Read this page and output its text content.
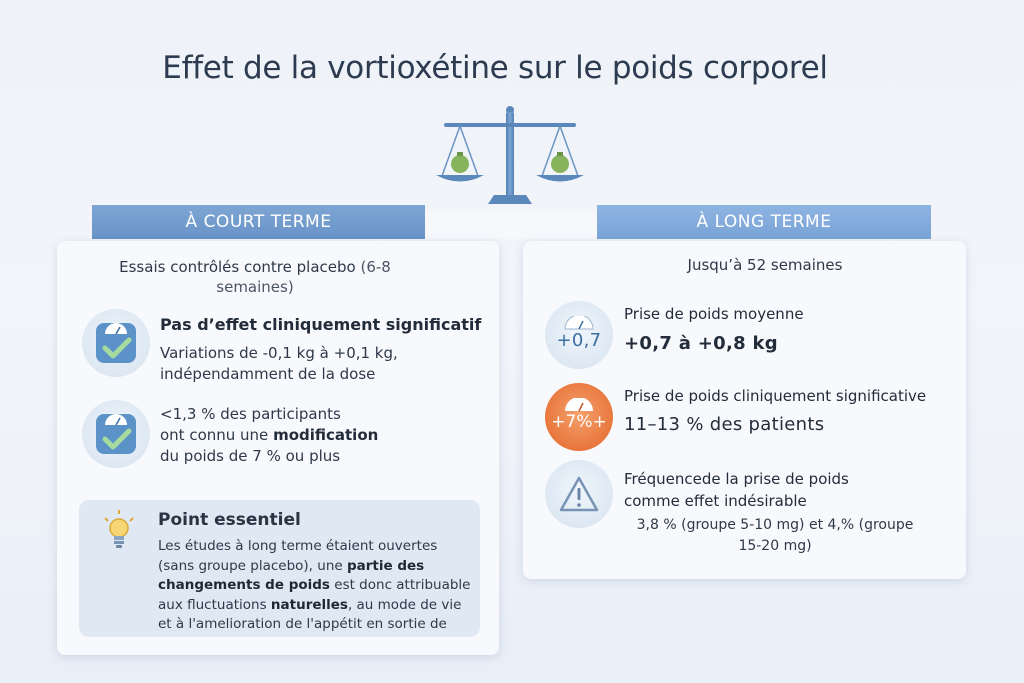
Effet de la vortioxétine sur le poids corporel
À COURT TERME	À LONG TERME
Essais contrôlés contre placebo (6-8
semaines)
Pas d’effet cliniquement significatif
Variations de -0,1 kg à +0,1 kg,
indépendamment de la dose
<1,3 % des participants
ont connu une modification
du poids de 7 % ou plus
Point essentiel
Les études à long terme étaient ouvertes
(sans groupe placebo), une partie des
changements de poids est donc attribuable
aux fluctuations naturelles, au mode de vie
et à l'amelioration de l'appétit en sortie de
Jusqu’à 52 semaines
+0,7
Prise de poids moyenne
+0,7 à +0,8 kg
+7%+
Prise de poids cliniquement significative
11–13 % des patients
Fréquencede la prise de poids
comme effet indésirable
3,8 % (groupe 5-10 mg) et 4,% (groupe
15-20 mg)
